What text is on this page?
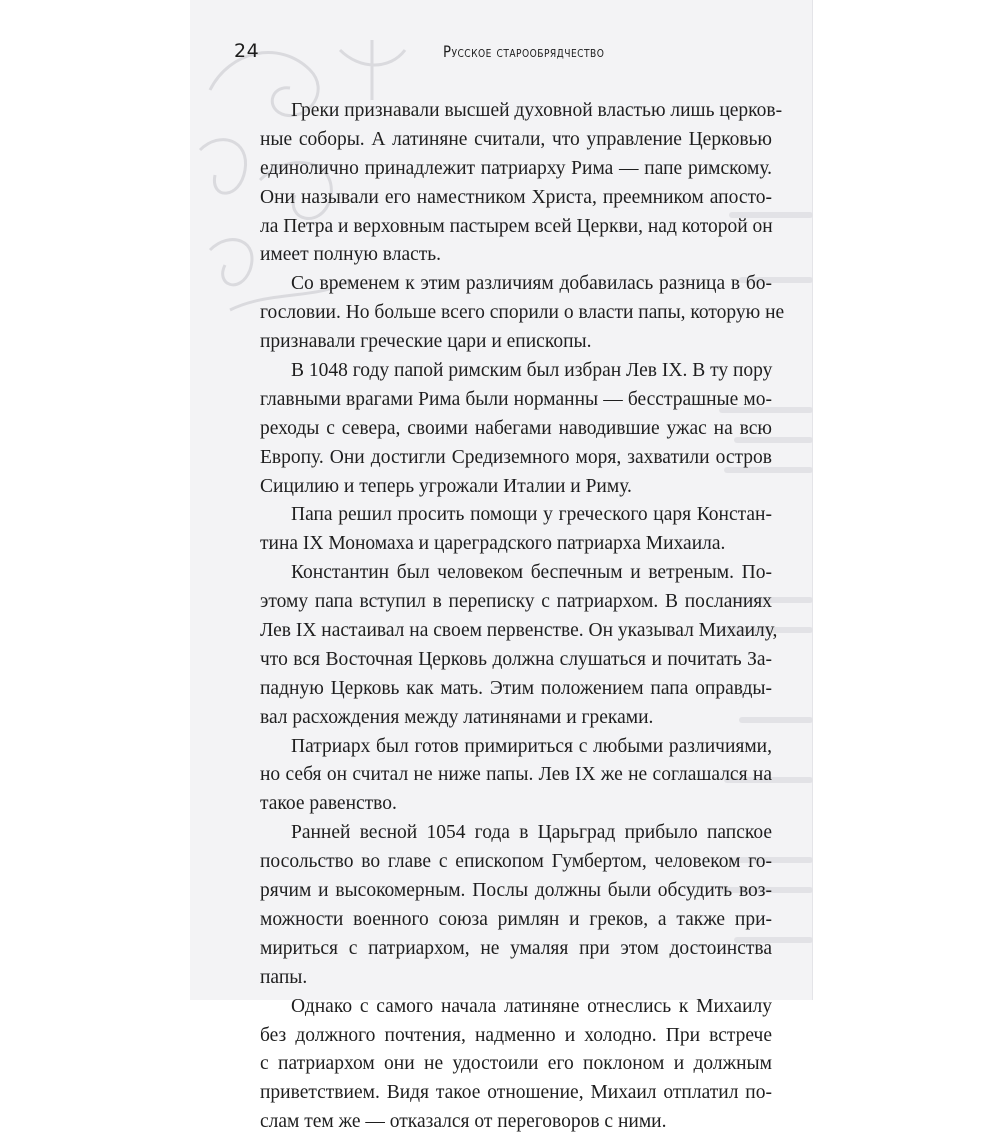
24	Русское старообрядчество
Греки признавали высшей духовной властью лишь церков-
ные соборы. А латиняне считали, что управление Церковью
единолично принадлежит патриарху Рима — папе римскому.
Они называли его наместником Христа, преемником апосто-
ла Петра и верховным пастырем всей Церкви, над которой он
имеет полную власть.
Со временем к этим различиям добавилась разница в бо-
гословии. Но больше всего спорили о власти папы, которую не
признавали греческие цари и епископы.
В 1048 году папой римским был избран Лев IX. В ту пору
главными врагами Рима были норманны — бесстрашные мо-
реходы с севера, своими набегами наводившие ужас на всю
Европу. Они достигли Средиземного моря, захватили остров
Сицилию и теперь угрожали Италии и Риму.
Папа решил просить помощи у греческого царя Констан-
тина IX Мономаха и цареградского патриарха Михаила.
Константин был человеком беспечным и ветреным. По-
этому папа вступил в переписку с патриархом. В посланиях
Лев IX настаивал на своем первенстве. Он указывал Михаилу,
что вся Восточная Церковь должна слушаться и почитать За-
падную Церковь как мать. Этим положением папа оправды-
вал расхождения между латинянами и греками.
Патриарх был готов примириться с любыми различиями,
но себя он считал не ниже папы. Лев IX же не соглашался на
такое равенство.
Ранней весной 1054 года в Царьград прибыло папское
посольство во главе с епископом Гумбертом, человеком го-
рячим и высокомерным. Послы должны были обсудить воз-
можности военного союза римлян и греков, а также при-
мириться с патриархом, не умаляя при этом достоинства
папы.
Однако с самого начала латиняне отнеслись к Михаилу
без должного почтения, надменно и холодно. При встрече
с патриархом они не удостоили его поклоном и должным
приветствием. Видя такое отношение, Михаил отплатил по-
слам тем же — отказался от переговоров с ними.
